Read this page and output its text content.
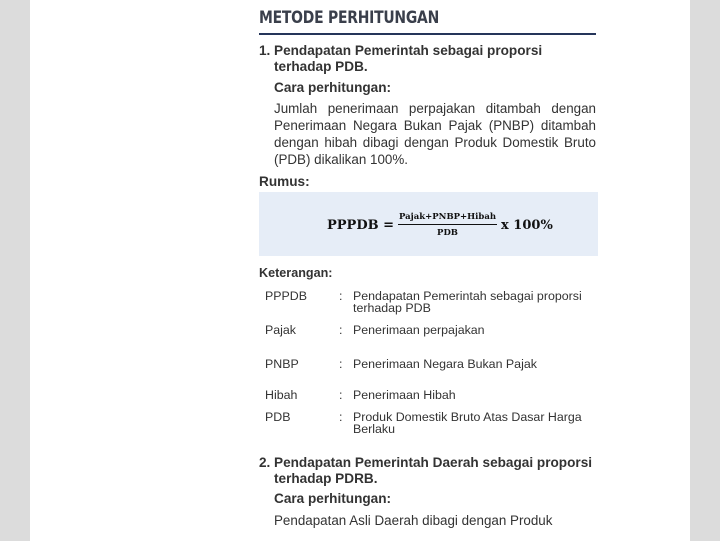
METODE PERHITUNGAN
1. Pendapatan Pemerintah sebagai proporsi terhadap PDB.
Cara perhitungan:
Jumlah penerimaan perpajakan ditambah dengan Penerimaan Negara Bukan Pajak (PNBP) ditambah dengan hibah dibagi dengan Produk Domestik Bruto (PDB) dikalikan 100%.
Rumus:
PPPDB = $\frac{\text{Pajak+PNBP+Hibah}}{\text{PDB}}$ x 100%
Keterangan:
PPPDB	: Pendapatan Pemerintah sebagai proporsi terhadap PDB
Pajak	: Penerimaan perpajakan
PNBP	: Penerimaan Negara Bukan Pajak
Hibah	: Penerimaan Hibah
PDB	: Produk Domestik Bruto Atas Dasar Harga Berlaku
2. Pendapatan Pemerintah Daerah sebagai proporsi terhadap PDRB.
Cara perhitungan:
Pendapatan Asli Daerah dibagi dengan Produk
